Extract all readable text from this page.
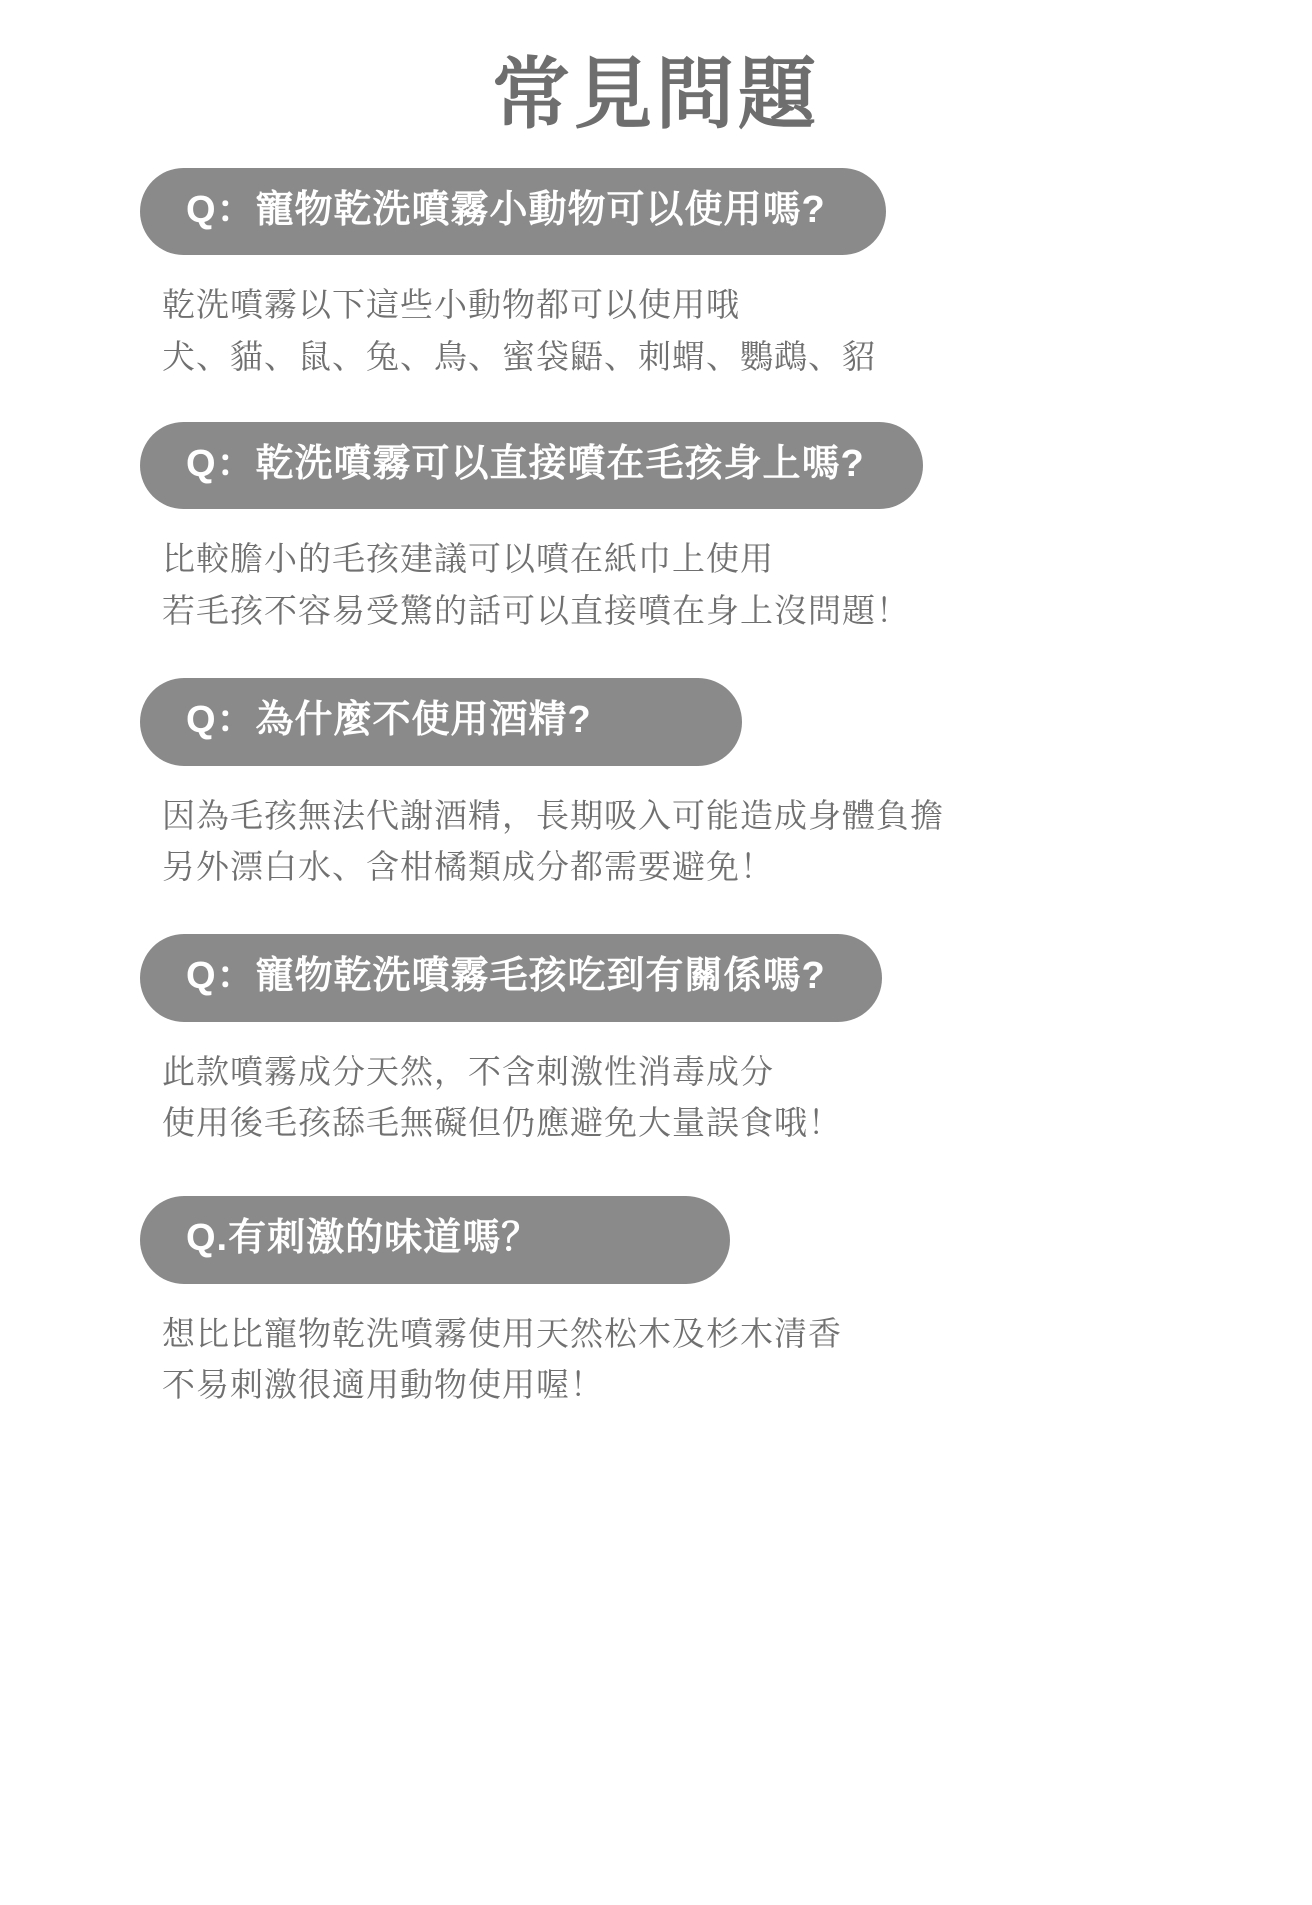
常見問題
Q：寵物乾洗噴霧小動物可以使用嗎?
乾洗噴霧以下這些小動物都可以使用哦
犬、貓、鼠、兔、鳥、蜜袋鼯、刺蝟、鸚鵡、貂
Q：乾洗噴霧可以直接噴在毛孩身上嗎?
比較膽小的毛孩建議可以噴在紙巾上使用
若毛孩不容易受驚的話可以直接噴在身上沒問題！
Q：為什麼不使用酒精?
因為毛孩無法代謝酒精，長期吸入可能造成身體負擔
另外漂白水、含柑橘類成分都需要避免！
Q：寵物乾洗噴霧毛孩吃到有關係嗎?
此款噴霧成分天然，不含刺激性消毒成分
使用後毛孩舔毛無礙但仍應避免大量誤食哦！
Q.有刺激的味道嗎？
想比比寵物乾洗噴霧使用天然松木及杉木清香
不易刺激很適用動物使用喔！
